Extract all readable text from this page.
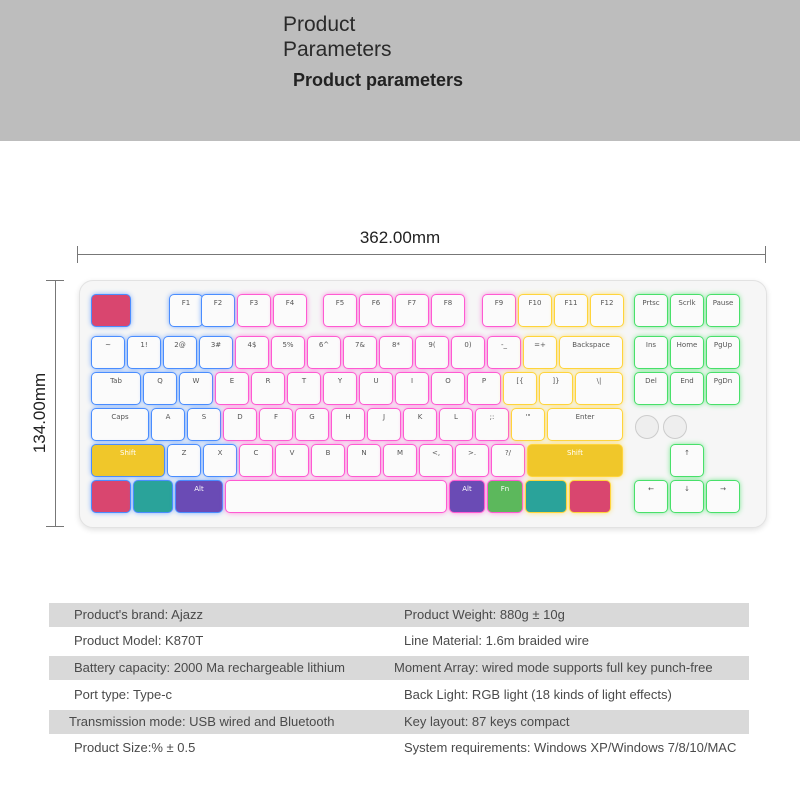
Product
Parameters
Product parameters
362.00mm
134.00mm
F1	F2	F3	F4	F5	F6	F7	F8	F9	F10	F11	F12	Prtsc	Scrlk Pause
~	1!	2@	3#	4$	5%	6^	7&	8*	9(	0)	-_	=+	Backspace	Ins	Home PgUp
Tab	Q	W	E	R	T	Y	U	I	O	P	[{	]}	\|	Del	End	PgDn
Caps	A	S	D	F	G	H	J	K	L	;:	'"	Enter
Shift	Z	X	C	V	B	N	M	<,	>.	?/	Shift	↑
Alt	Alt	Fn	←	↓	→
Product's brand: Ajazz	Product Weight: 880g ± 10g
Product Model: K870T	Line Material: 1.6m braided wire
Battery capacity: 2000 Ma rechargeable lithium	Moment Array: wired mode supports full key punch-free
Port type: Type-c	Back Light: RGB light (18 kinds of light effects)
Transmission mode: USB wired and Bluetooth	Key layout: 87 keys compact
Product Size:% ± 0.5	System requirements: Windows XP/Windows 7/8/10/MAC
